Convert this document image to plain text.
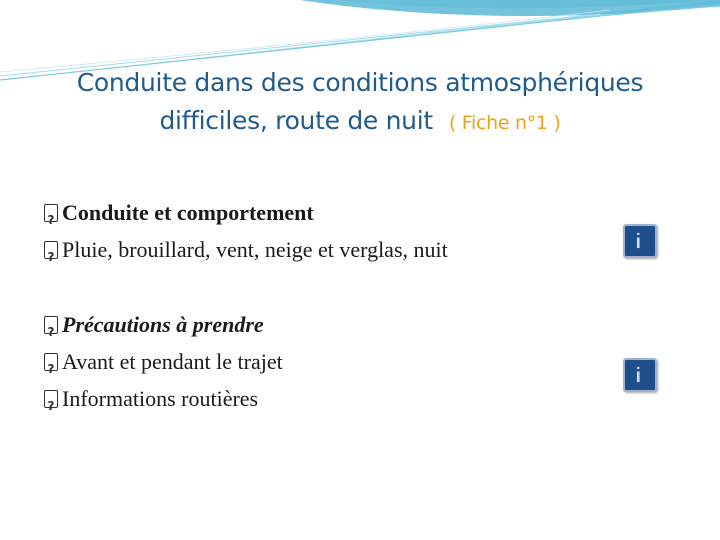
Conduite dans des conditions atmosphériques
difficiles, route de nuit ( Fiche n°1 )
?
Conduite et comportement
?
Pluie, brouillard, vent, neige et verglas, nuit
?
Précautions à prendre
?
Avant et pendant le trajet
?
Informations routières
